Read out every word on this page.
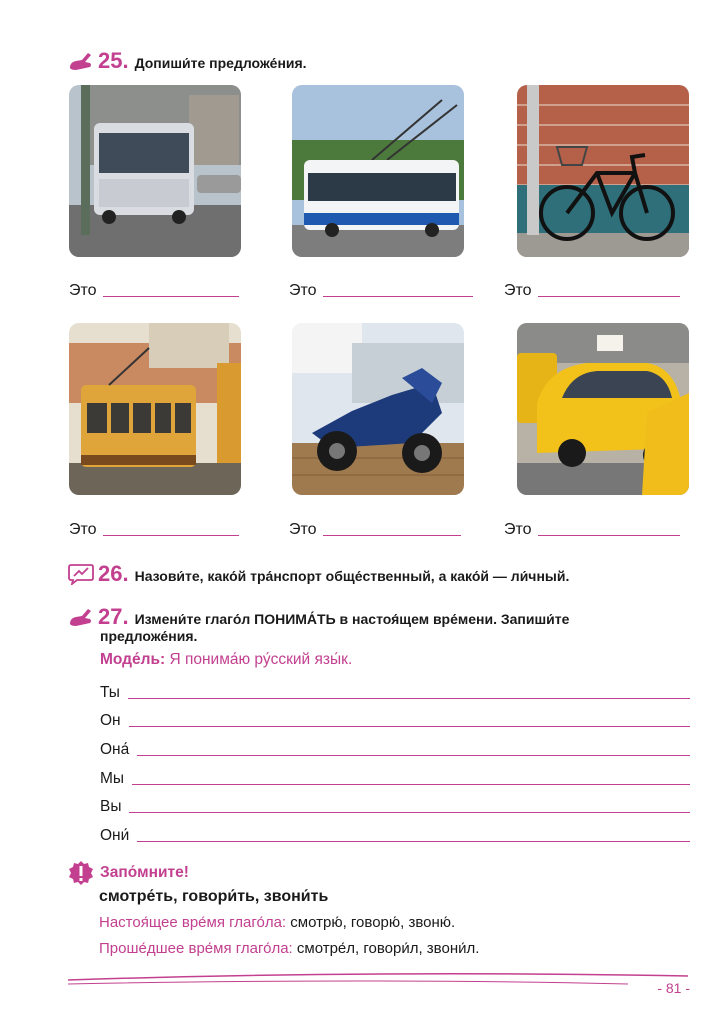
25. Допиши́те предложе́ния.
Это	Это	Это
Это	Это	Это
26. Назови́те, како́й тра́нспорт обще́ственный, а како́й — ли́чный.
27. Измени́те глаго́л ПОНИМА́ТЬ в настоя́щем вре́мени. Запиши́те
предложе́ния.
Моде́ль: Я понима́ю ру́сский язы́к.
Ты
Он
Она́
Мы
Вы
Они́
Запо́мните!
смотре́ть, говори́ть, звони́ть
Настоя́щее вре́мя глаго́ла: смотрю́, говорю́, звоню́.
Проше́дшее вре́мя глаго́ла: смотре́л, говори́л, звони́л.
- 81 -
